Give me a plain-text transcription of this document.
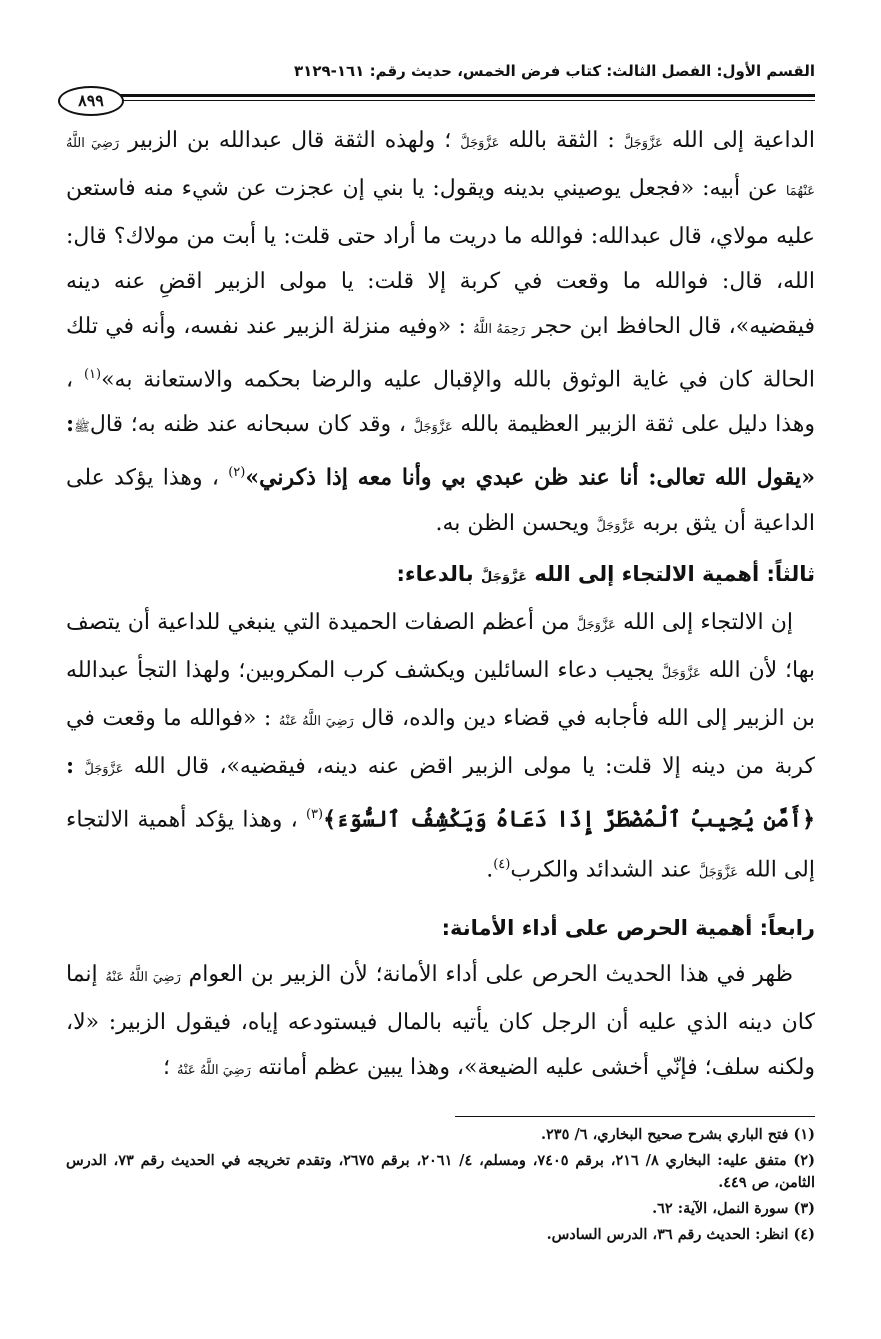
القسم الأول: الفصل الثالث: كتاب فرض الخمس، حديث رقم: ١٦١-٣١٢٩
٨٩٩

الداعية إلى الله عَزَّوَجَلَّ : الثقة بالله عَزَّوَجَلَّ ؛ ولهذه الثقة قال عبدالله بن الزبير رَضِيَ اللَّهُ عَنْهُمَا عن أبيه: «فجعل يوصيني بدينه ويقول: يا بني إن عجزت عن شيء منه فاستعن عليه مولاي، قال عبدالله: فوالله ما دريت ما أراد حتى قلت: يا أبت من مولاك؟ قال: الله، قال: فوالله ما وقعت في كربة إلا قلت: يا مولى الزبير اقضِ عنه دينه فيقضيه»، قال الحافظ ابن حجر رَحِمَهُ اللَّهُ : «وفيه منزلة الزبير عند نفسه، وأنه في تلك الحالة كان في غاية الوثوق بالله والإقبال عليه والرضا بحكمه والاستعانة به»$^{(١)}$ ، وهذا دليل على ثقة الزبير العظيمة بالله عَزَّوَجَلَّ ، وقد كان سبحانه عند ظنه به؛ قالﷺ: «يقول الله تعالى: أنا عند ظن عبدي بي وأنا معه إذا ذكرني»$^{(٢)}$ ، وهذا يؤكد على الداعية أن يثق بربه عَزَّوَجَلَّ ويحسن الظن به.

ثالثاً: أهمية الالتجاء إلى الله عَزَّوَجَلَّ بالدعاء:

إن الالتجاء إلى الله عَزَّوَجَلَّ من أعظم الصفات الحميدة التي ينبغي للداعية أن يتصف بها؛ لأن الله عَزَّوَجَلَّ يجيب دعاء السائلين ويكشف كرب المكروبين؛ ولهذا التجأ عبدالله بن الزبير إلى الله فأجابه في قضاء دين والده، قال رَضِيَ اللَّهُ عَنْهُ : «فوالله ما وقعت في كربة من دينه إلا قلت: يا مولى الزبير اقض عنه دينه، فيقضيه»، قال الله عَزَّوَجَلَّ : ﴿أَمَّن يُجِيبُ ٱلْمُضْطَرَّ إِذَا دَعَاهُ وَيَكْشِفُ ٱلسُّوٓءَ﴾$^{(٣)}$ ، وهذا يؤكد أهمية الالتجاء إلى الله عَزَّوَجَلَّ عند الشدائد والكرب$^{(٤)}$.

رابعاً: أهمية الحرص على أداء الأمانة:

ظهر في هذا الحديث الحرص على أداء الأمانة؛ لأن الزبير بن العوام رَضِيَ اللَّهُ عَنْهُ إنما كان دينه الذي عليه أن الرجل كان يأتيه بالمال فيستودعه إياه، فيقول الزبير: «لا، ولكنه سلف؛ فإنّي أخشى عليه الضيعة»، وهذا يبين عظم أمانته رَضِيَ اللَّهُ عَنْهُ ؛

(١) فتح الباري بشرح صحيح البخاري، ٦/ ٢٣٥.

(٢) متفق عليه: البخاري ٨/ ٢١٦، برقم ٧٤٠٥، ومسلم، ٤/ ٢٠٦١، برقم ٢٦٧٥، وتقدم تخريجه في الحديث رقم ٧٣، الدرس الثامن، ص ٤٤٩.

(٣) سورة النمل، الآية: ٦٢.

(٤) انظر: الحديث رقم ٣٦، الدرس السادس.
